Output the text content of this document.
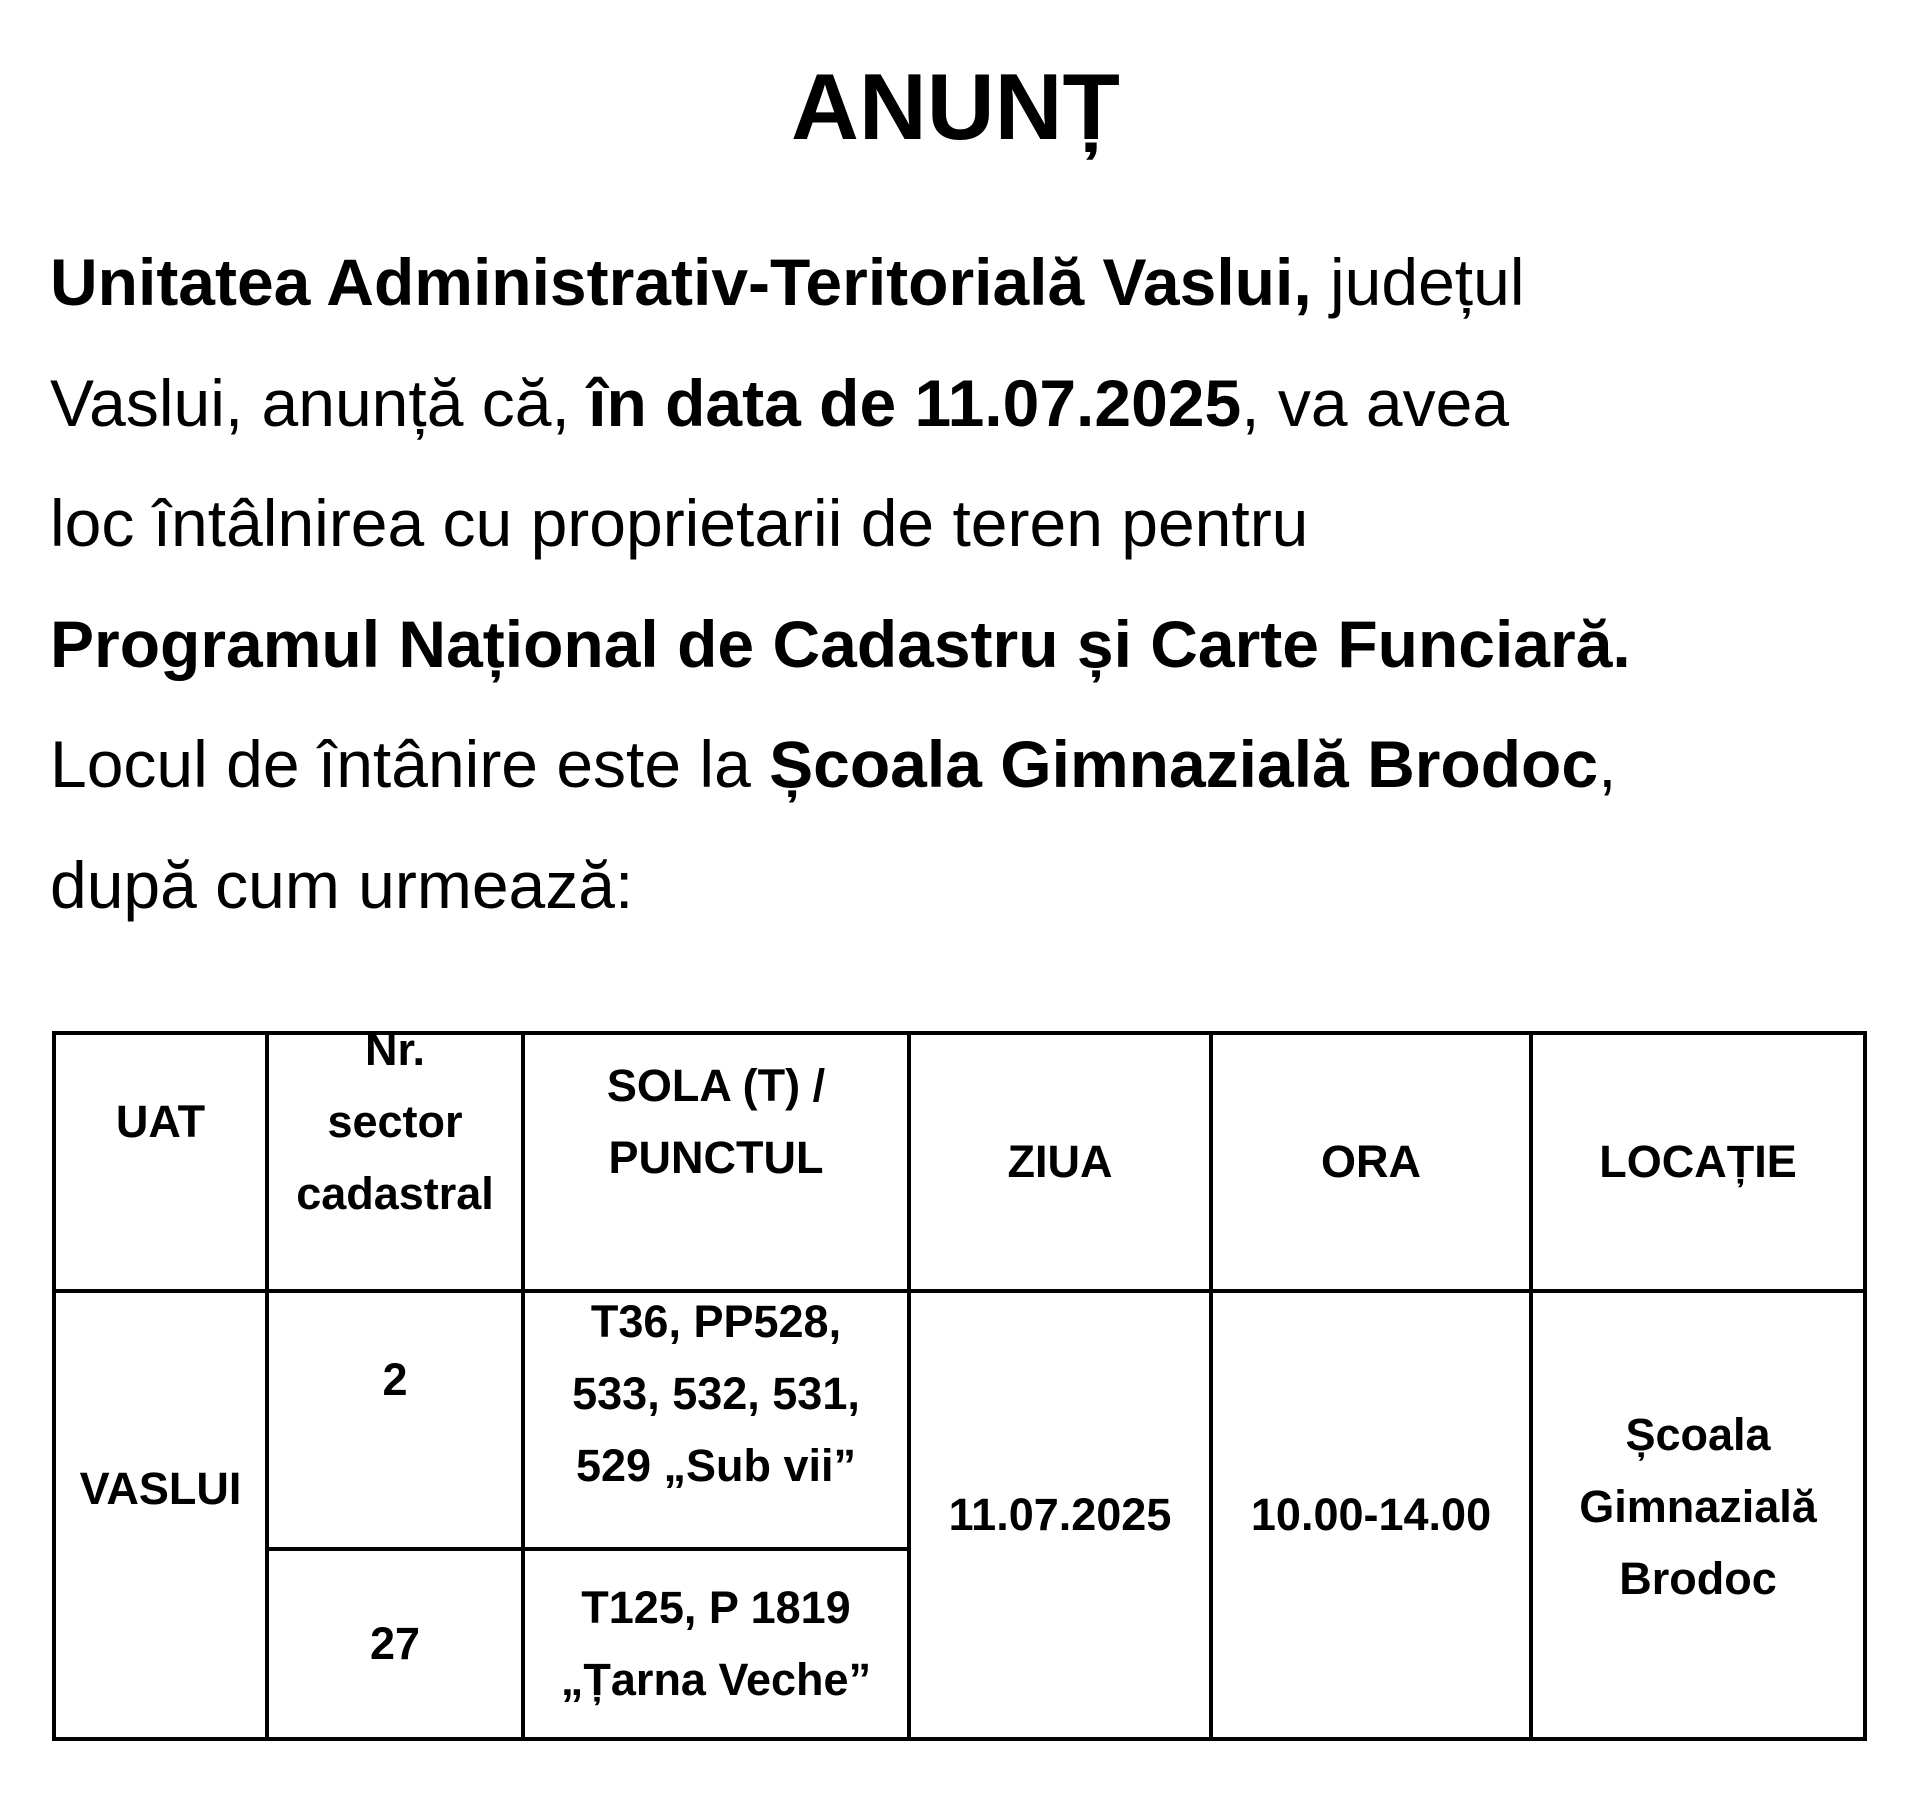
ANUNȚ
Unitatea Administrativ-Teritorială Vaslui, județul
Vaslui, anunță că, în data de 11.07.2025, va avea
loc întâlnirea cu proprietarii de teren pentru
Programul Național de Cadastru și Carte Funciară.
Locul de întânire este la Școala Gimnazială Brodoc,
după cum urmează:
UAT	Nr.
sector
cadastral	SOLA (T) /
PUNCTUL	ZIUA	ORA	LOCAȚIE
VASLUI	2	T36, PP528,
533, 532, 531,
529 „Sub vii”	11.07.2025	10.00-14.00	Școala
Gimnazială
Brodoc

	27	T125, P 1819
„Țarna Veche”			
